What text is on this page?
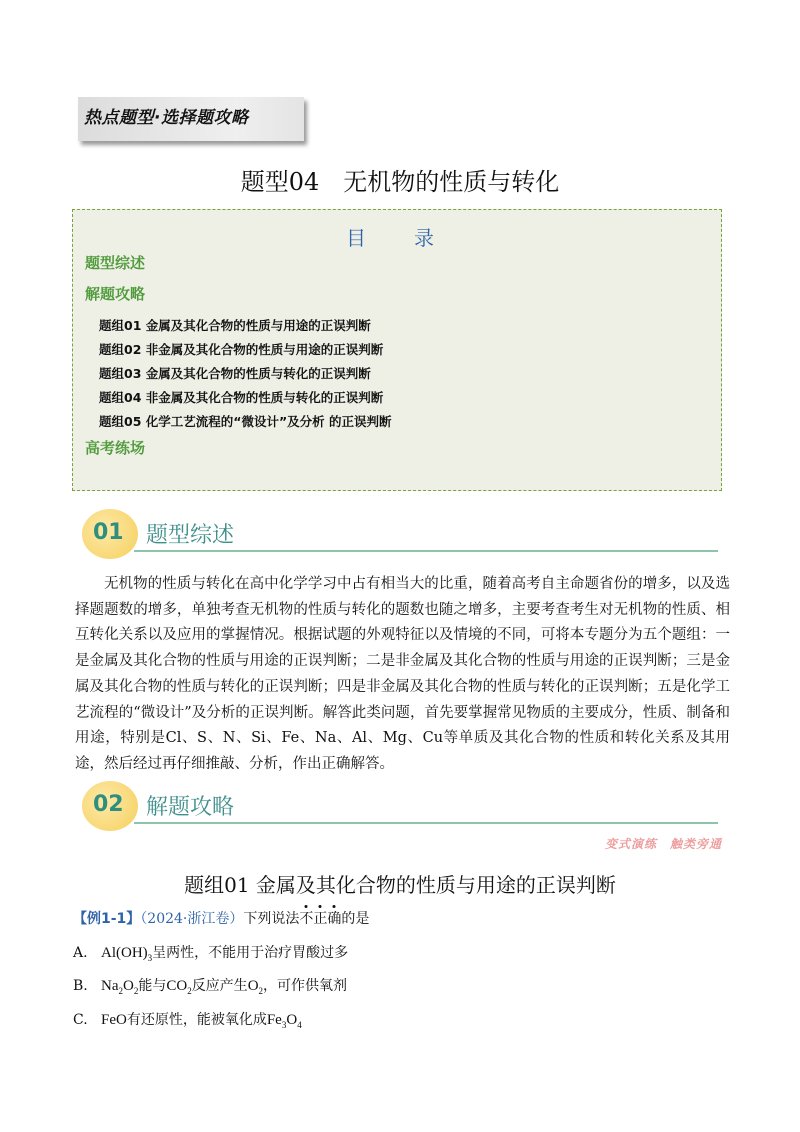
热点题型·选择题攻略
题型04　无机物的性质与转化
目　录
题型综述
解题攻略
题组01 金属及其化合物的性质与用途的正误判断
题组02 非金属及其化合物的性质与用途的正误判断
题组03 金属及其化合物的性质与转化的正误判断
题组04 非金属及其化合物的性质与转化的正误判断
题组05 化学工艺流程的“微设计”及分析 的正误判断
高考练场
01 题型综述
无机物的性质与转化在高中化学学习中占有相当大的比重，随着高考自主命题省份的增多，以及选择题题数的增多，单独考查无机物的性质与转化的题数也随之增多，主要考查考生对无机物的性质、相互转化关系以及应用的掌握情况。根据试题的外观特征以及情境的不同，可将本专题分为五个题组：一是金属及其化合物的性质与用途的正误判断；二是非金属及其化合物的性质与用途的正误判断；三是金属及其化合物的性质与转化的正误判断；四是非金属及其化合物的性质与转化的正误判断；五是化学工艺流程的“微设计”及分析的正误判断。解答此类问题，首先要掌握常见物质的主要成分，性质、制备和用途，特别是Cl、S、N、Si、Fe、Na、Al、Mg、Cu等单质及其化合物的性质和转化关系及其用途，然后经过再仔细推敲、分析，作出正确解答。
02 解题攻略
变式演练　触类旁通
题组01 金属及其化合物的性质与用途的正误判断
【例1-1】（2024·浙江卷）下列说法不正确的是
A. $Al(OH)_3$呈两性，不能用于治疗胃酸过多
B. $Na_2O_2$能与$CO_2$反应产生$O_2$，可作供氧剂
C. FeO有还原性，能被氧化成$Fe_3O_4$
